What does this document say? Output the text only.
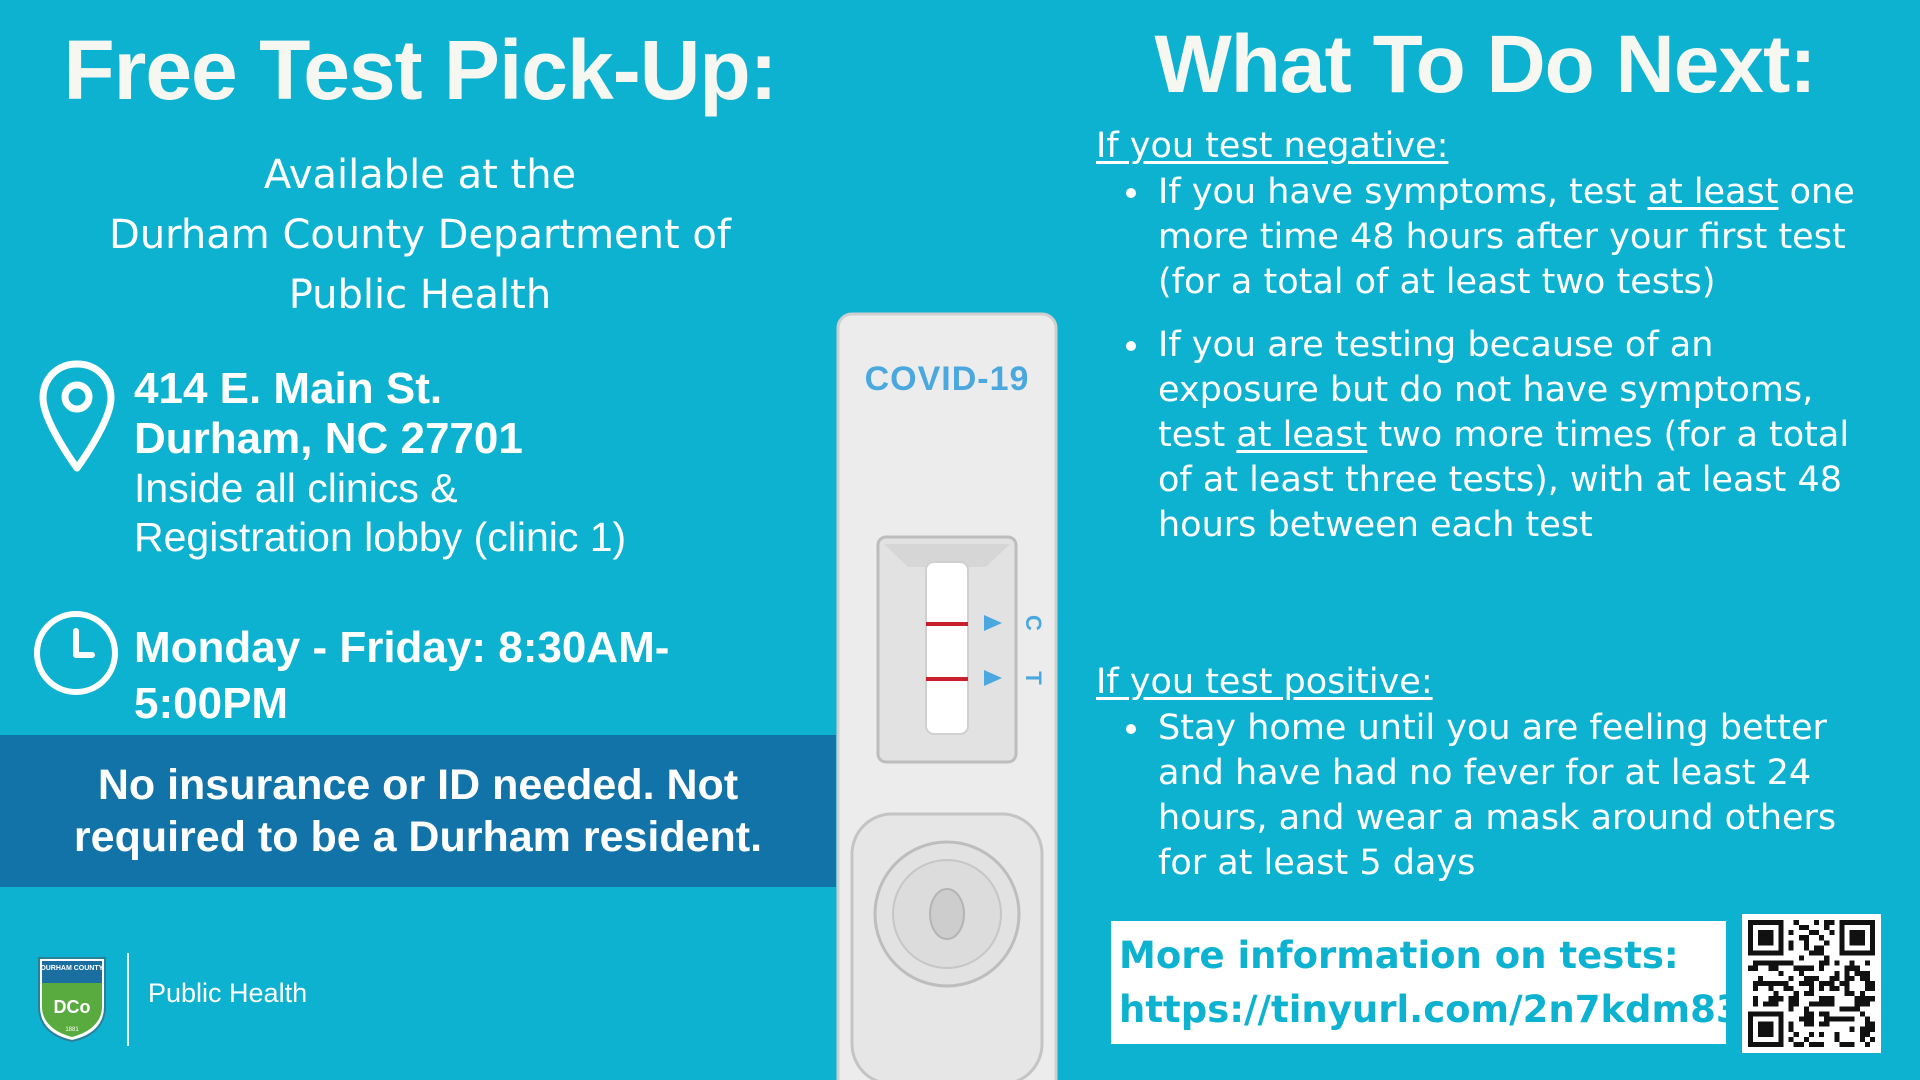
Free Test Pick-Up:
Available at the
Durham County Department of
Public Health
414 E. Main St.
Durham, NC 27701
Inside all clinics &
Registration lobby (clinic 1)
Monday - Friday: 8:30AM- 5:00PM
No insurance or ID needed. Not
required to be a Durham resident.
DURHAM COUNTY
DCo
1881
Public Health
C
T
COVID-19
What To Do Next:
If you test negative:
If you have symptoms, test at least one more time 48 hours after your first test (for a total of at least two tests)
If you are testing because of an exposure but do not have symptoms, test at least two more times (for a total of at least three tests), with at least 48 hours between each test
If you test positive:
Stay home until you are feeling better and have had no fever for at least 24 hours, and wear a mask around others for at least 5 days
More information on tests:
https://tinyurl.com/2n7kdm83
